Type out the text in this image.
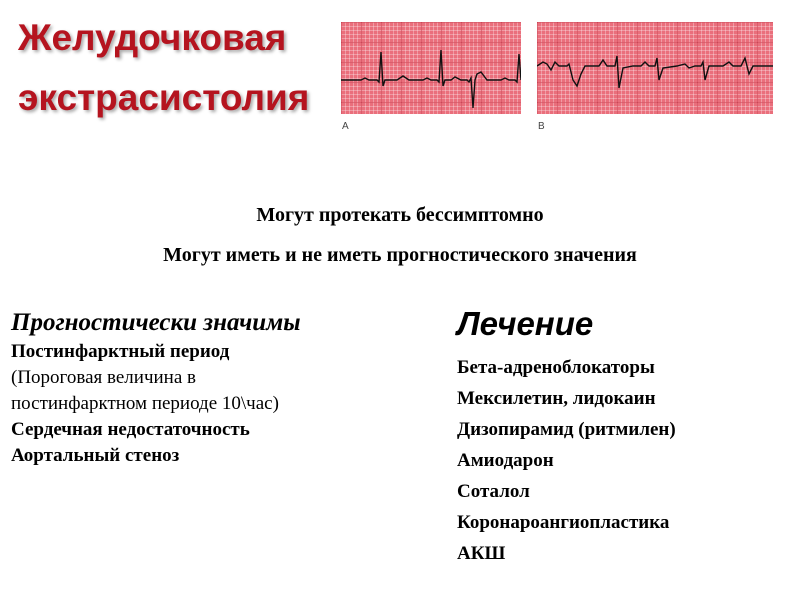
Желудочковая
экстрасистолия
A	B

Могут протекать бессимптомно

Могут иметь и не иметь прогностического значения

Прогностически значимы
Постинфарктный период
(Пороговая величина в
постинфарктном периоде 10\час)
Сердечная недостаточность
Аортальный стеноз
Лечение
Бета-адреноблокаторы
Мексилетин, лидокаин
Дизопирамид (ритмилен)
Амиодарон
Соталол
Коронароангиопластика
АКШ
